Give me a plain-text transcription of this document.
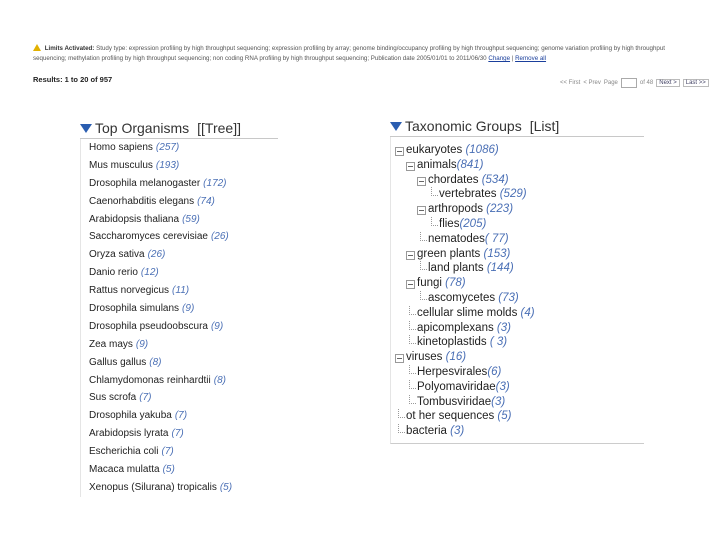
Limits Activated: Study type: expression profiling by high throughput sequencing; expression profiling by array; genome binding/occupancy profiling by high throughput sequencing; genome variation profiling by high throughput sequencing; methylation profiling by high throughput sequencing; non coding RNA profiling by high throughput sequencing; Publication date 2005/01/01 to 2011/06/30 Change | Remove all
Results: 1 to 20 of 957	<< First < Prev Page	of 48	Next >	Last >>
Top Organisms [[Tree]]
Homo sapiens (257)
Mus musculus (193)
Drosophila melanogaster (172)
Caenorhabditis elegans (74)
Arabidopsis thaliana (59)
Saccharomyces cerevisiae (26)
Oryza sativa (26)
Danio rerio (12)
Rattus norvegicus (11)
Drosophila simulans (9)
Drosophila pseudoobscura (9)
Zea mays (9)
Gallus gallus (8)
Chlamydomonas reinhardtii (8)
Sus scrofa (7)
Drosophila yakuba (7)
Arabidopsis lyrata (7)
Escherichia coli (7)
Macaca mulatta (5)
Xenopus (Silurana) tropicalis (5)
Taxonomic Groups [List]
eukaryotes (1086)
animals(841)
chordates (534)
vertebrates (529)
arthropods (223)
flies(205)
nematodes( 77)
green plants (153)
land plants (144)
fungi (78)
ascomycetes (73)
cellular slime molds (4)
apicomplexans (3)
kinetoplastids ( 3)
viruses (16)
Herpesvirales(6)
Polyomaviridae(3)
Tombusviridae(3)
ot her sequences (5)
bacteria (3)
